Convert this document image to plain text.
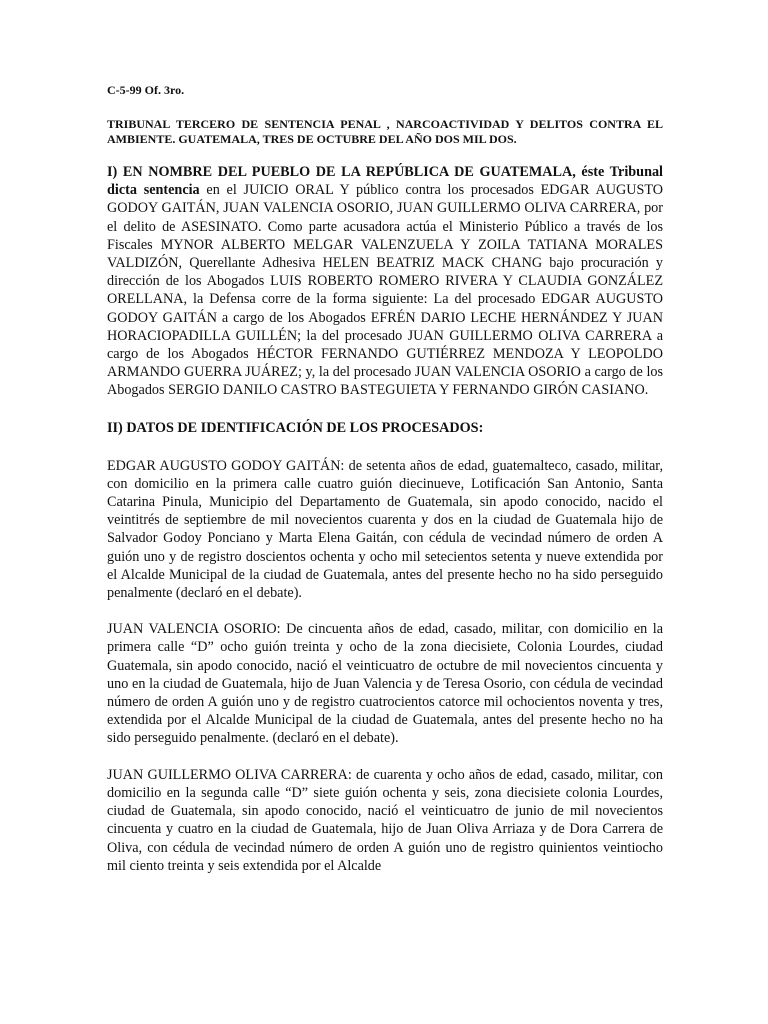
C-5-99 Of. 3ro.

TRIBUNAL TERCERO DE SENTENCIA PENAL , NARCOACTIVIDAD Y DELITOS CONTRA EL AMBIENTE. GUATEMALA, TRES DE OCTUBRE DEL AÑO DOS MIL DOS.

I) EN NOMBRE DEL PUEBLO DE LA REPÚBLICA DE GUATEMALA, éste Tribunal dicta sentencia en el JUICIO ORAL Y público contra los procesados EDGAR AUGUSTO GODOY GAITÁN, JUAN VALENCIA OSORIO, JUAN GUILLERMO OLIVA CARRERA, por el delito de ASESINATO. Como parte acusadora actúa el Ministerio Público a través de los Fiscales MYNOR ALBERTO MELGAR VALENZUELA Y ZOILA TATIANA MORALES VALDIZÓN, Querellante Adhesiva HELEN BEATRIZ MACK CHANG bajo procuración y dirección de los Abogados LUIS ROBERTO ROMERO RIVERA Y CLAUDIA GONZÁLEZ ORELLANA, la Defensa corre de la forma siguiente: La del procesado EDGAR AUGUSTO GODOY GAITÁN a cargo de los Abogados EFRÉN DARIO LECHE HERNÁNDEZ Y JUAN HORACIOPADILLA GUILLÉN; la del procesado JUAN GUILLERMO OLIVA CARRERA a cargo de los Abogados HÉCTOR FERNANDO GUTIÉRREZ MENDOZA Y LEOPOLDO ARMANDO GUERRA JUÁREZ; y, la del procesado JUAN VALENCIA OSORIO a cargo de los Abogados SERGIO DANILO CASTRO BASTEGUIETA Y FERNANDO GIRÓN CASIANO.

II) DATOS DE IDENTIFICACIÓN DE LOS PROCESADOS:

EDGAR AUGUSTO GODOY GAITÁN: de setenta años de edad, guatemalteco, casado, militar, con domicilio en la primera calle cuatro guión diecinueve, Lotificación San Antonio, Santa Catarina Pinula, Municipio del Departamento de Guatemala, sin apodo conocido, nacido el veintitrés de septiembre de mil novecientos cuarenta y dos en la ciudad de Guatemala hijo de Salvador Godoy Ponciano y Marta Elena Gaitán, con cédula de vecindad número de orden A guión uno y de registro doscientos ochenta y ocho mil setecientos setenta y nueve extendida por el Alcalde Municipal de la ciudad de Guatemala, antes del presente hecho no ha sido perseguido penalmente (declaró en el debate).

JUAN VALENCIA OSORIO: De cincuenta años de edad, casado, militar, con domicilio en la primera calle “D” ocho guión treinta y ocho de la zona diecisiete, Colonia Lourdes, ciudad Guatemala, sin apodo conocido, nació el veinticuatro de octubre de mil novecientos cincuenta y uno en la ciudad de Guatemala, hijo de Juan Valencia y de Teresa Osorio, con cédula de vecindad número de orden A guión uno y de registro cuatrocientos catorce mil ochocientos noventa y tres, extendida por el Alcalde Municipal de la ciudad de Guatemala, antes del presente hecho no ha sido perseguido penalmente. (declaró en el debate).

JUAN GUILLERMO OLIVA CARRERA: de cuarenta y ocho años de edad, casado, militar, con domicilio en la segunda calle “D” siete guión ochenta y seis, zona diecisiete colonia Lourdes, ciudad de Guatemala, sin apodo conocido, nació el veinticuatro de junio de mil novecientos cincuenta y cuatro en la ciudad de Guatemala, hijo de Juan Oliva Arriaza y de Dora Carrera de Oliva, con cédula de vecindad número de orden A guión uno de registro quinientos veintiocho mil ciento treinta y seis extendida por el Alcalde
